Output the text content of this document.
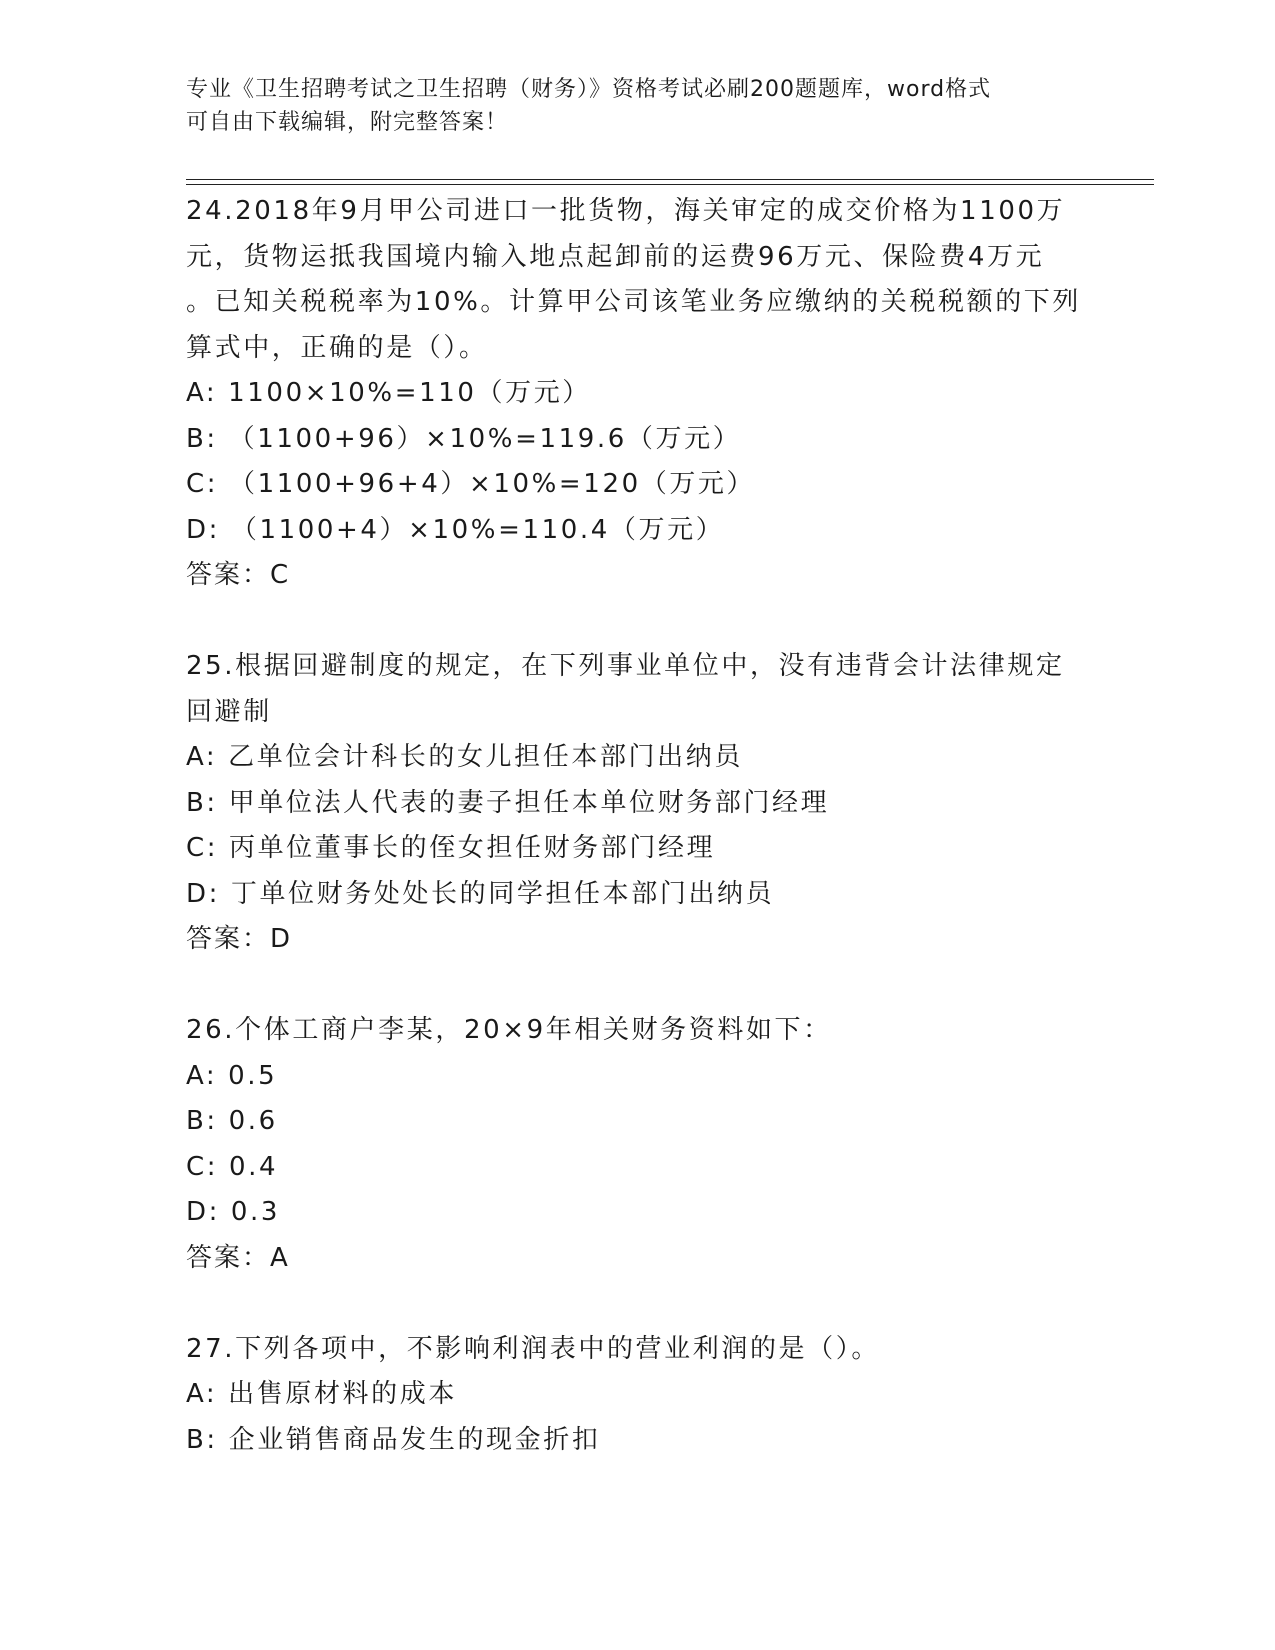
专业《卫生招聘考试之卫生招聘（财务）》资格考试必刷200题题库，word格式
可自由下载编辑，附完整答案！

24.2018年9月甲公司进口一批货物，海关审定的成交价格为1100万

元，货物运抵我国境内输入地点起卸前的运费96万元、保险费4万元

。已知关税税率为10%。计算甲公司该笔业务应缴纳的关税税额的下列

算式中，正确的是（）。

A: 1100×10%=110（万元）

B: （1100+96）×10%=119.6（万元）

C: （1100+96+4）×10%=120（万元）

D: （1100+4）×10%=110.4（万元）

答案：C

25.根据回避制度的规定，在下列事业单位中，没有违背会计法律规定

回避制

A: 乙单位会计科长的女儿担任本部门出纳员

B: 甲单位法人代表的妻子担任本单位财务部门经理

C: 丙单位董事长的侄女担任财务部门经理

D: 丁单位财务处处长的同学担任本部门出纳员

答案：D

26.个体工商户李某，20×9年相关财务资料如下：

A: 0.5

B: 0.6

C: 0.4

D: 0.3

答案：A

27.下列各项中，不影响利润表中的营业利润的是（）。

A: 出售原材料的成本

B: 企业销售商品发生的现金折扣
